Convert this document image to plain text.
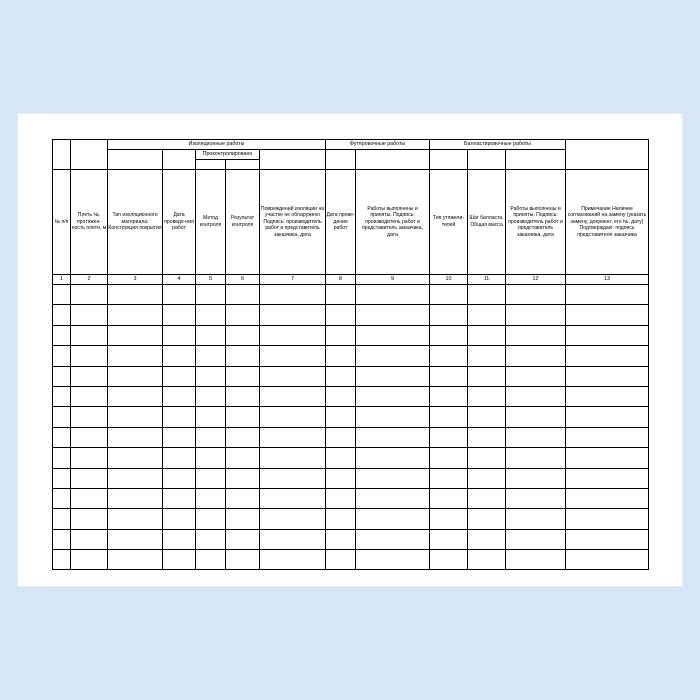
		Изоляционные работы					Футеровочные работы		Балластировочные работы			
				Проконтролировано								

№ п/п	Плеть №, протяжен-ность плети, м	Тип изоляционного материала. Конструкция покрытия	Дата проведе-ния работ	Метод контроля	Результат контроля	Повреждений изоляции на участке не обнаружено Подпись: производитель работ и представитель заказчика, дата	Дата прове-дения работ	Работы выполнены и приняты. Подпись: производитель работ и представитель заказчика, дата	Тип утяжели-телей	Шаг балласта. Общая масса	Работы выполнены и приняты. Подпись: производитель работ и представитель заказчика, дата	Примечание Наличие согласований на замену (указать замену, документ, его №, дату) Подтверждаю: подпись представителя заказчика
1	2	3	4	5	6	7	8	9	10	11	12	13
